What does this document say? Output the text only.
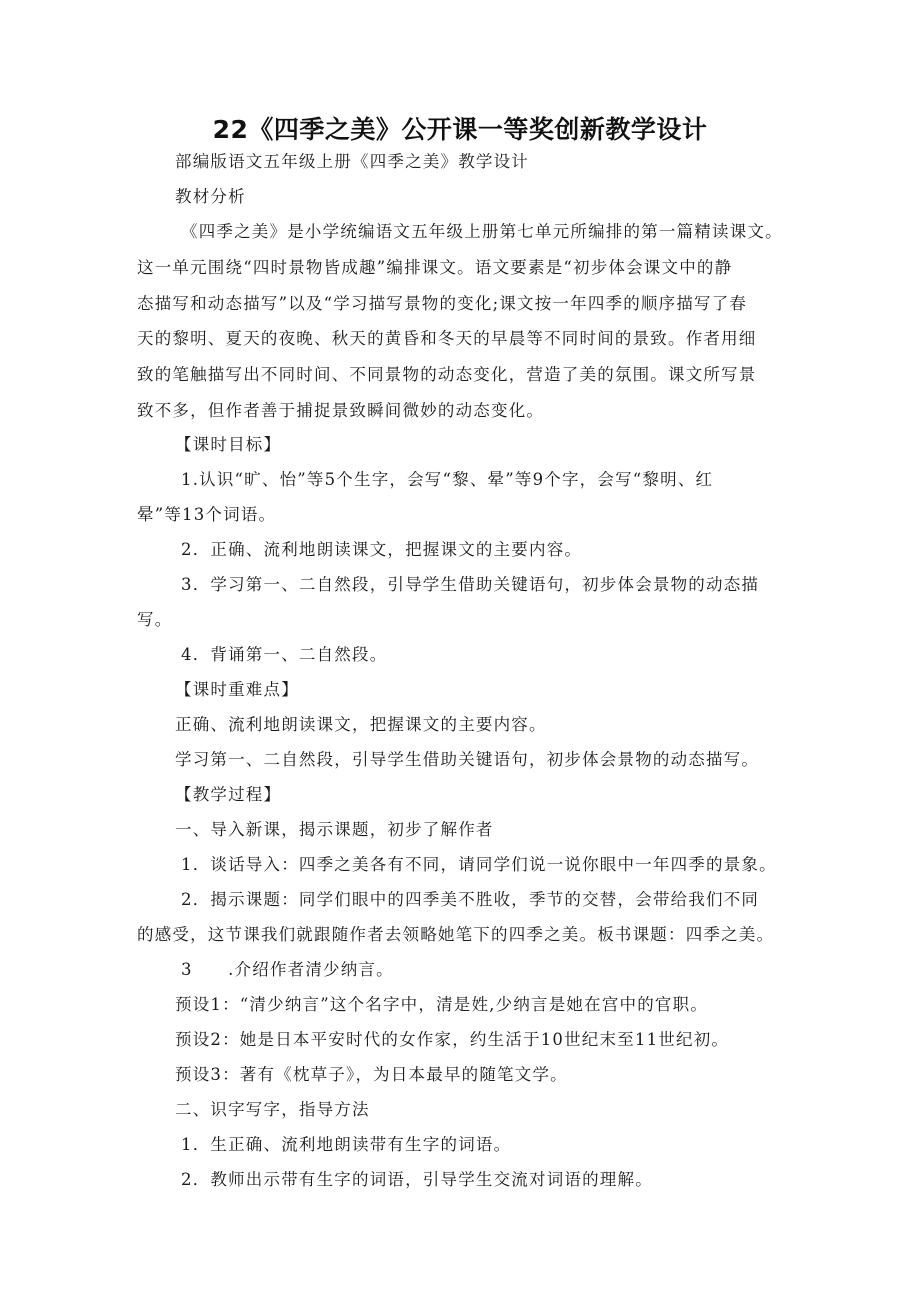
22《四季之美》公开课一等奖创新教学设计
部编版语文五年级上册《四季之美》教学设计
教材分析
《四季之美》是小学统编语文五年级上册第七单元所编排的第一篇精读课文。
这一单元围绕“四时景物皆成趣”编排课文。语文要素是“初步体会课文中的静
态描写和动态描写”以及“学习描写景物的变化;课文按一年四季的顺序描写了春
天的黎明、夏天的夜晚、秋天的黄昏和冬天的早晨等不同时间的景致。作者用细
致的笔触描写出不同时间、不同景物的动态变化，营造了美的氛围。课文所写景
致不多，但作者善于捕捉景致瞬间微妙的动态变化。
【课时目标】
1.认识“旷、怡”等5个生字，会写“黎、晕”等9个字，会写“黎明、红
晕”等13个词语。
2．正确、流利地朗读课文，把握课文的主要内容。
3．学习第一、二自然段，引导学生借助关键语句，初步体会景物的动态描
写。
4．背诵第一、二自然段。
【课时重难点】
正确、流利地朗读课文，把握课文的主要内容。
学习第一、二自然段，引导学生借助关键语句，初步体会景物的动态描写。
【教学过程】
一、导入新课，揭示课题，初步了解作者
1．谈话导入：四季之美各有不同，请同学们说一说你眼中一年四季的景象。
2．揭示课题：同学们眼中的四季美不胜收，季节的交替，会带给我们不同
的感受，这节课我们就跟随作者去领略她笔下的四季之美。板书课题：四季之美。
3  .介绍作者清少纳言。
预设1：“清少纳言”这个名字中，清是姓,少纳言是她在宫中的官职。
预设2：她是日本平安时代的女作家，约生活于10世纪末至11世纪初。
预设3：著有《枕草子》，为日本最早的随笔文学。
二、识字写字，指导方法
1．生正确、流利地朗读带有生字的词语。
2．教师出示带有生字的词语，引导学生交流对词语的理解。
